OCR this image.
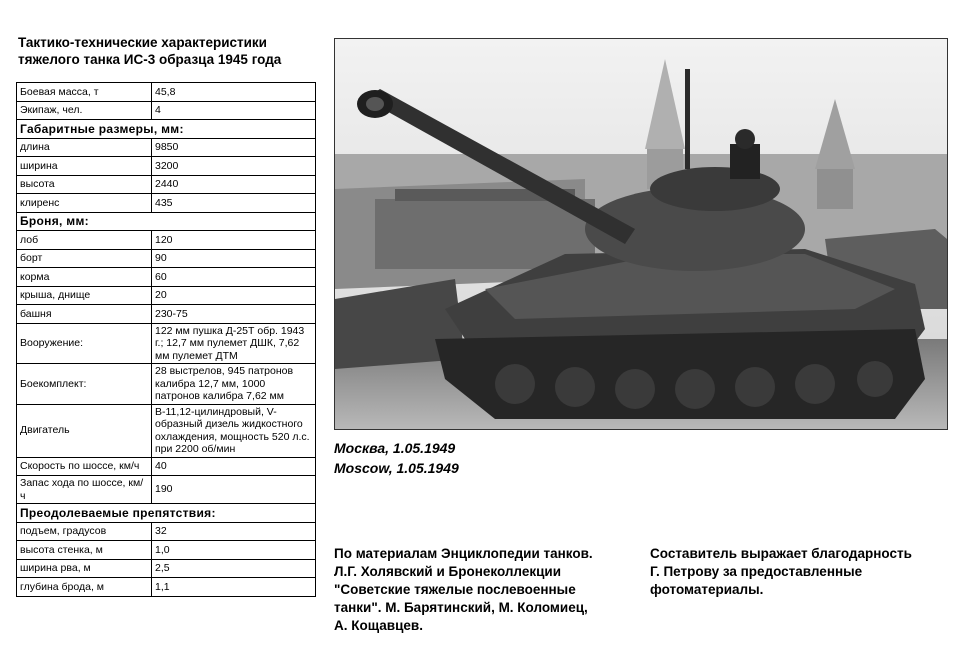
Тактико-технические характеристики
тяжелого танка ИС-3 образца 1945 года
Боевая масса, т	45,8
Экипаж, чел.	4
Габаритные размеры, мм:	
длина	9850
ширина	3200
высота	2440
клиренс	435
Броня, мм:	
лоб	120
борт	90
корма	60
крыша, днище	20
башня	230-75
Вооружение:	122 мм пушка Д-25Т обр. 1943 г.; 12,7 мм пулемет ДШК, 7,62 мм пулемет ДТМ
Боекомплект:	28 выстрелов, 945 патронов калибра 12,7 мм, 1000 патронов калибра 7,62 мм
Двигатель	В-11,12-цилиндровый, V-образный дизель жидкостного охлаждения, мощность 520 л.с. при 2200 об/мин
Скорость по шоссе, км/ч	40
Запас хода по шоссе, км/ч	190
Преодолеваемые препятствия:	
подъем, градусов	32
высота стенка, м	1,0
ширина рва, м	2,5
глубина брода, м	1,1
Москва, 1.05.1949
Moscow, 1.05.1949
По материалам Энциклопедии танков.
Л.Г. Холявский и Бронеколлекции
"Советские тяжелые послевоенные
танки". М. Барятинский, М. Коломиец,
А. Кощавцев.
Составитель выражает благодарность
Г. Петрову за предоставленные
фотоматериалы.
